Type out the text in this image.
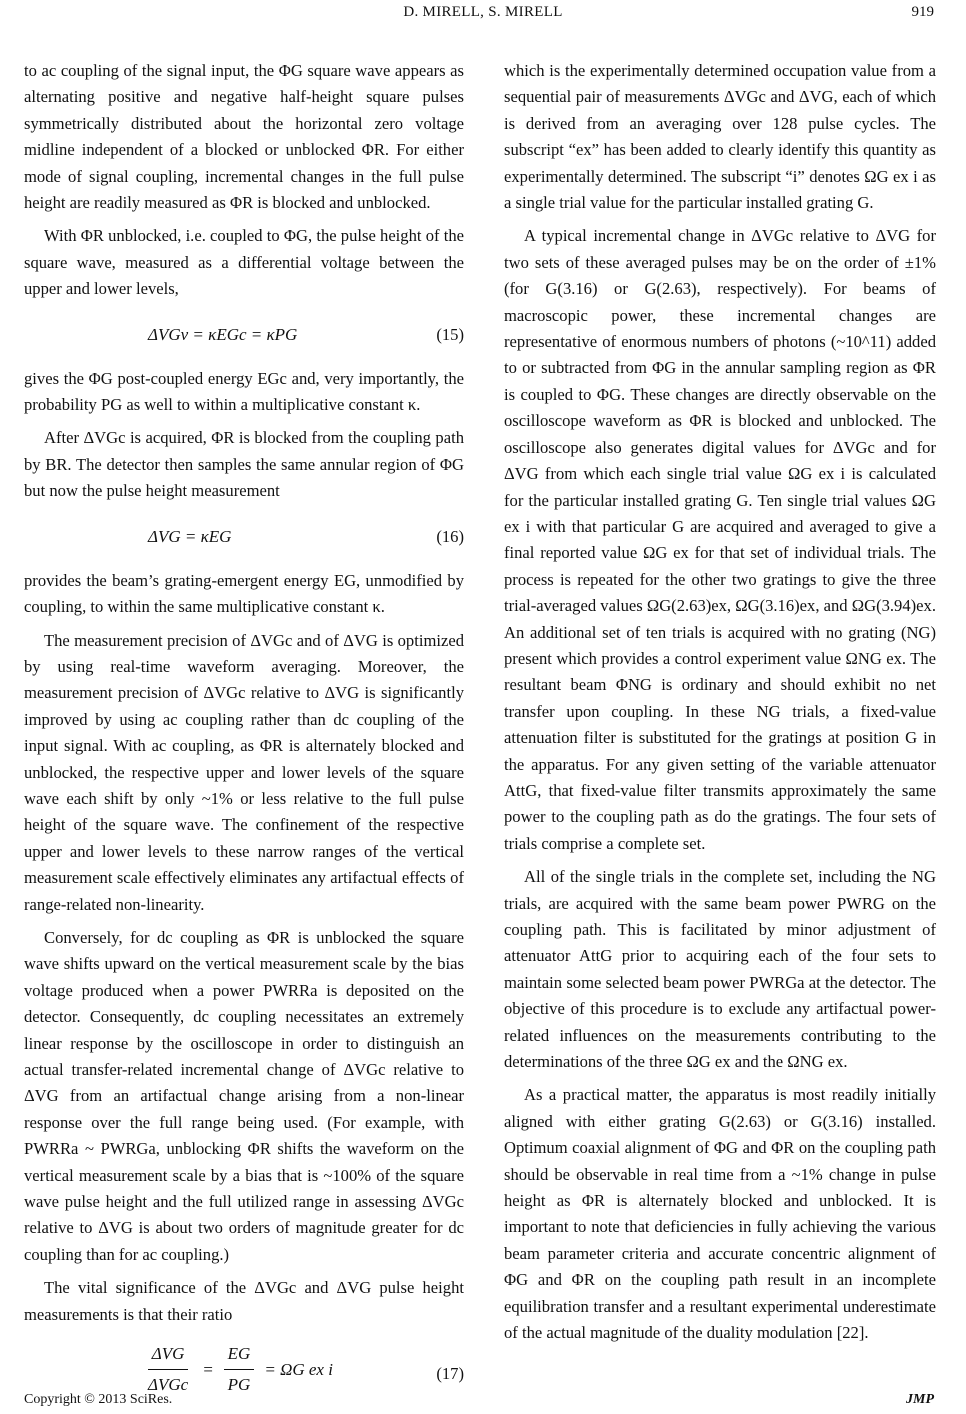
D. MIRELL, S. MIRELL	919

to ac coupling of the signal input, the ΦG square wave appears as alternating positive and negative half-height square pulses symmetrically distributed about the horizontal zero voltage midline independent of a blocked or unblocked ΦR. For either mode of signal coupling, incremental changes in the full pulse height are readily measured as ΦR is blocked and unblocked.

With ΦR unblocked, i.e. coupled to ΦG, the pulse height of the square wave, measured as a differential voltage between the upper and lower levels,

ΔVGv = κEGc = κPG	(15)

gives the ΦG post-coupled energy EGc and, very importantly, the probability PG as well to within a multiplicative constant κ.

After ΔVGc is acquired, ΦR is blocked from the coupling path by BR. The detector then samples the same annular region of ΦG but now the pulse height measurement

ΔVG = κEG	(16)

provides the beam’s grating-emergent energy EG, unmodified by coupling, to within the same multiplicative constant κ.

The measurement precision of ΔVGc and of ΔVG is optimized by using real-time waveform averaging. Moreover, the measurement precision of ΔVGc relative to ΔVG is significantly improved by using ac coupling rather than dc coupling of the input signal. With ac coupling, as ΦR is alternately blocked and unblocked, the respective upper and lower levels of the square wave each shift by only ~1% or less relative to the full pulse height of the square wave. The confinement of the respective upper and lower levels to these narrow ranges of the vertical measurement scale effectively eliminates any artifactual effects of range-related non-linearity.

Conversely, for dc coupling as ΦR is unblocked the square wave shifts upward on the vertical measurement scale by the bias voltage produced when a power PWRRa is deposited on the detector. Consequently, dc coupling necessitates an extremely linear response by the oscilloscope in order to distinguish an actual transfer-related incremental change of ΔVGc relative to ΔVG from an artifactual change arising from a non-linear response over the full range being used. (For example, with PWRRa ~ PWRGa, unblocking ΦR shifts the waveform on the vertical measurement scale by a bias that is ~100% of the square wave pulse height and the full utilized range in assessing ΔVGc relative to ΔVG is about two orders of magnitude greater for dc coupling than for ac coupling.)

The vital significance of the ΔVGc and ΔVG pulse height measurements is that their ratio

ΔVG
ΔVGc
= $\frac{EG}{PG} = \Omega G$ ex i	(17)

which is the experimentally determined occupation value from a sequential pair of measurements ΔVGc and ΔVG, each of which is derived from an averaging over 128 pulse cycles. The subscript “ex” has been added to clearly identify this quantity as experimentally determined. The subscript “i” denotes ΩG ex i as a single trial value for the particular installed grating G.

A typical incremental change in ΔVGc relative to ΔVG for two sets of these averaged pulses may be on the order of ±1% (for G(3.16) or G(2.63), respectively). For beams of macroscopic power, these incremental changes are representative of enormous numbers of photons (~10^11) added to or subtracted from ΦG in the annular sampling region as ΦR is coupled to ΦG. These changes are directly observable on the oscilloscope waveform as ΦR is blocked and unblocked. The oscilloscope also generates digital values for ΔVGc and for ΔVG from which each single trial value ΩG ex i is calculated for the particular installed grating G. Ten single trial values ΩG ex i with that particular G are acquired and averaged to give a final reported value ΩG ex for that set of individual trials. The process is repeated for the other two gratings to give the three trial-averaged values ΩG(2.63)ex, ΩG(3.16)ex, and ΩG(3.94)ex. An additional set of ten trials is acquired with no grating (NG) present which provides a control experiment value ΩNG ex. The resultant beam ΦNG is ordinary and should exhibit no net transfer upon coupling. In these NG trials, a fixed-value attenuation filter is substituted for the gratings at position G in the apparatus. For any given setting of the variable attenuator AttG, that fixed-value filter transmits approximately the same power to the coupling path as do the gratings. The four sets of trials comprise a complete set.

All of the single trials in the complete set, including the NG trials, are acquired with the same beam power PWRG on the coupling path. This is facilitated by minor adjustment of attenuator AttG prior to acquiring each of the four sets to maintain some selected beam power PWRGa at the detector. The objective of this procedure is to exclude any artifactual power-related influences on the measurements contributing to the determinations of the three ΩG ex and the ΩNG ex.

As a practical matter, the apparatus is most readily initially aligned with either grating G(2.63) or G(3.16) installed. Optimum coaxial alignment of ΦG and ΦR on the coupling path should be observable in real time from a ~1% change in pulse height as ΦR is alternately blocked and unblocked. It is important to note that deficiencies in fully achieving the various beam parameter criteria and accurate concentric alignment of ΦG and ΦR on the coupling path result in an incomplete equilibration transfer and a resultant experimental underestimate of the actual magnitude of the duality modulation [22].

Copyright © 2013 SciRes.	JMP
